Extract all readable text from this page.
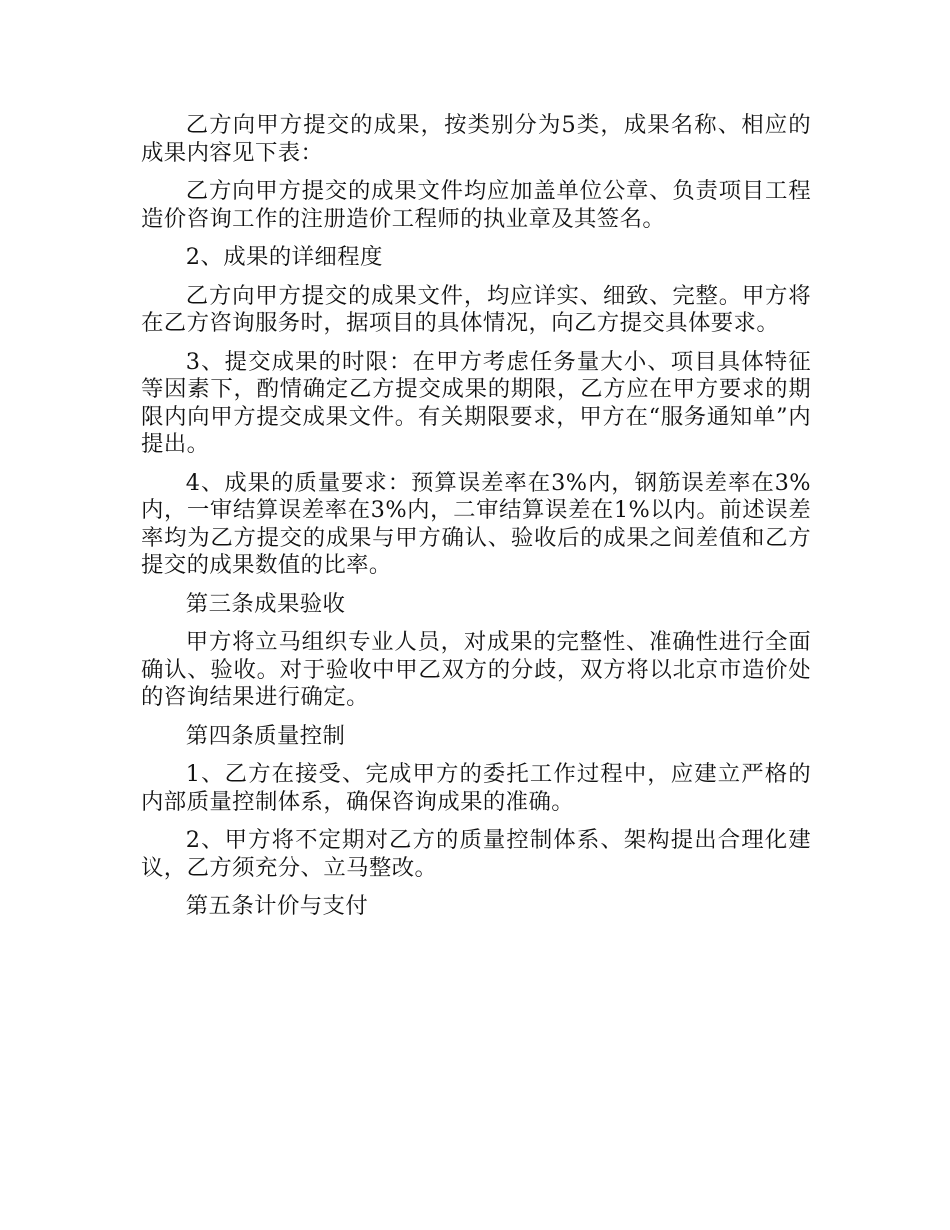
乙方向甲方提交的成果，按类别分为5类，成果名称、相应的成果内容见下表：

乙方向甲方提交的成果文件均应加盖单位公章、负责项目工程造价咨询工作的注册造价工程师的执业章及其签名。

2、成果的详细程度

乙方向甲方提交的成果文件，均应详实、细致、完整。甲方将在乙方咨询服务时，据项目的具体情况，向乙方提交具体要求。

3、提交成果的时限：在甲方考虑任务量大小、项目具体特征等因素下，酌情确定乙方提交成果的期限，乙方应在甲方要求的期限内向甲方提交成果文件。有关期限要求，甲方在“服务通知单”内提出。

4、成果的质量要求：预算误差率在3%内，钢筋误差率在3%内，一审结算误差率在3%内，二审结算误差在1%以内。前述误差率均为乙方提交的成果与甲方确认、验收后的成果之间差值和乙方提交的成果数值的比率。

第三条成果验收

甲方将立马组织专业人员，对成果的完整性、准确性进行全面确认、验收。对于验收中甲乙双方的分歧，双方将以北京市造价处的咨询结果进行确定。

第四条质量控制

1、乙方在接受、完成甲方的委托工作过程中，应建立严格的内部质量控制体系，确保咨询成果的准确。

2、甲方将不定期对乙方的质量控制体系、架构提出合理化建议，乙方须充分、立马整改。

第五条计价与支付
